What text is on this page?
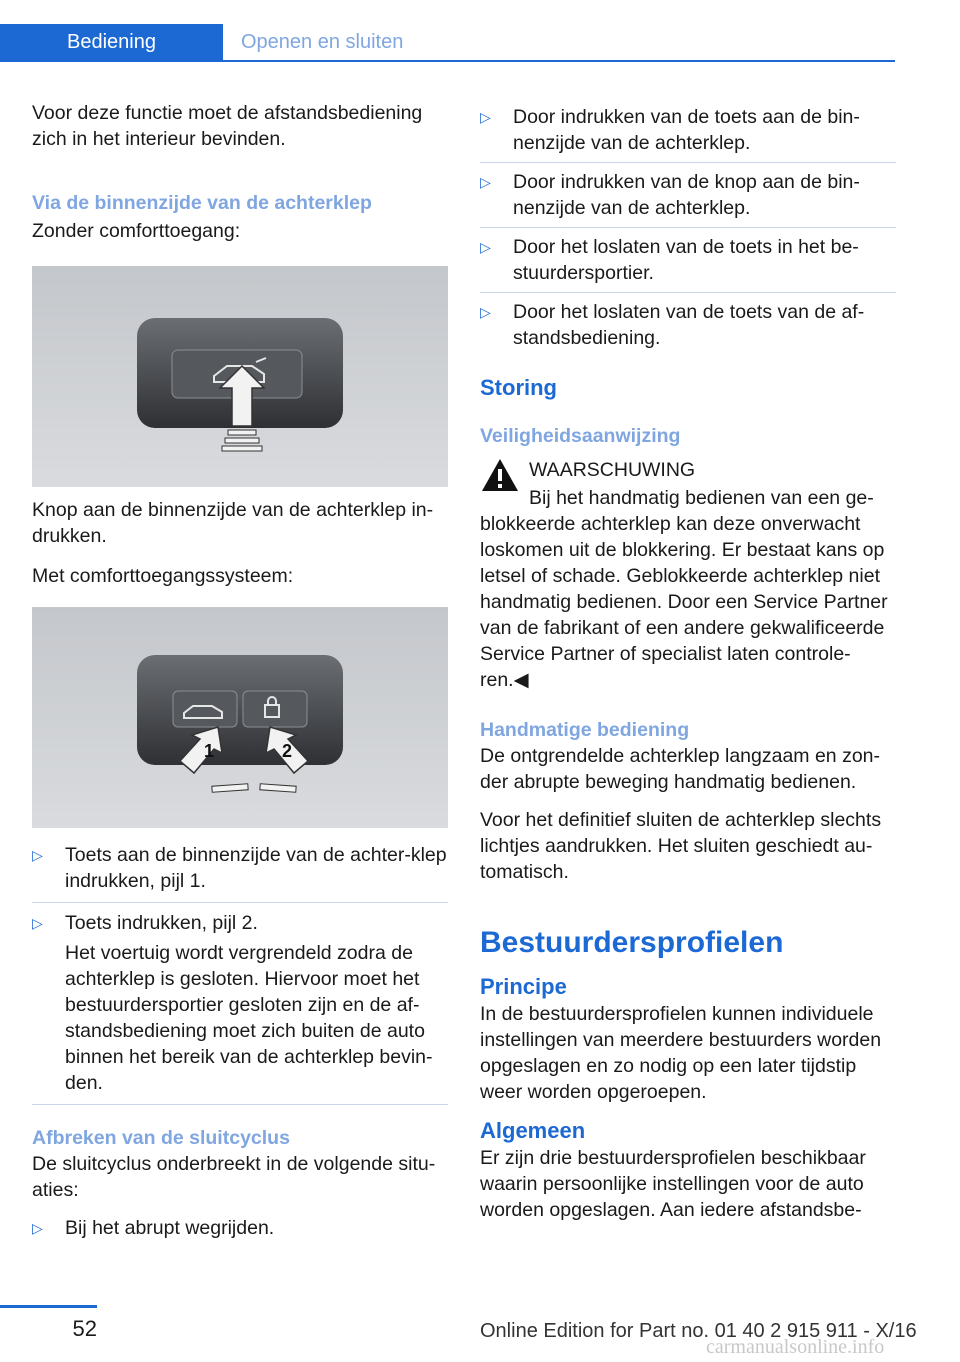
Bediening	Openen en sluiten

Voor deze functie moet de afstandsbediening zich in het interieur bevinden.

Via de binnenzijde van de achterklep

Zonder comforttoegang:

Knop aan de binnenzijde van de achterklep in-drukken.

Met comforttoegangssysteem:

1	2
▷ Toets aan de binnenzijde van de achter-klep indrukken, pijl 1.
▷ Toets indrukken, pijl 2.

Het voertuig wordt vergrendeld zodra de achterklep is gesloten. Hiervoor moet het bestuurdersportier gesloten zijn en de af-standsbediening moet zich buiten de auto binnen het bereik van de achterklep bevin-den.

Afbreken van de sluitcyclus

De sluitcyclus onderbreekt in de volgende situ-aties:

▷ Bij het abrupt wegrijden.
▷ Door indrukken van de toets aan de bin-nenzijde van de achterklep.
▷ Door indrukken van de knop aan de bin-nenzijde van de achterklep.
▷ Door het loslaten van de toets in het be-stuurdersportier.
▷ Door het loslaten van de toets van de af-standsbediening.

Storing

Veiligheidsaanwijzing

WAARSCHUWING

Bij het handmatig bedienen van een ge-

blokkeerde achterklep kan deze onverwacht loskomen uit de blokkering. Er bestaat kans op letsel of schade. Geblokkeerde achterklep niet handmatig bedienen. Door een Service Partner van de fabrikant of een andere gekwalificeerde Service Partner of specialist laten controle-ren.◀

Handmatige bediening

De ontgrendelde achterklep langzaam en zon-der abrupte beweging handmatig bedienen.

Voor het definitief sluiten de achterklep slechts lichtjes aandrukken. Het sluiten geschiedt au-tomatisch.

Bestuurdersprofielen

Principe

In de bestuurdersprofielen kunnen individuele instellingen van meerdere bestuurders worden opgeslagen en zo nodig op een later tijdstip weer worden opgeroepen.

Algemeen

Er zijn drie bestuurdersprofielen beschikbaar waarin persoonlijke instellingen voor de auto worden opgeslagen. Aan iedere afstandsbe-

52	Online Edition for Part no. 01 40 2 915 911 - X/16
carmanualsonline.info
